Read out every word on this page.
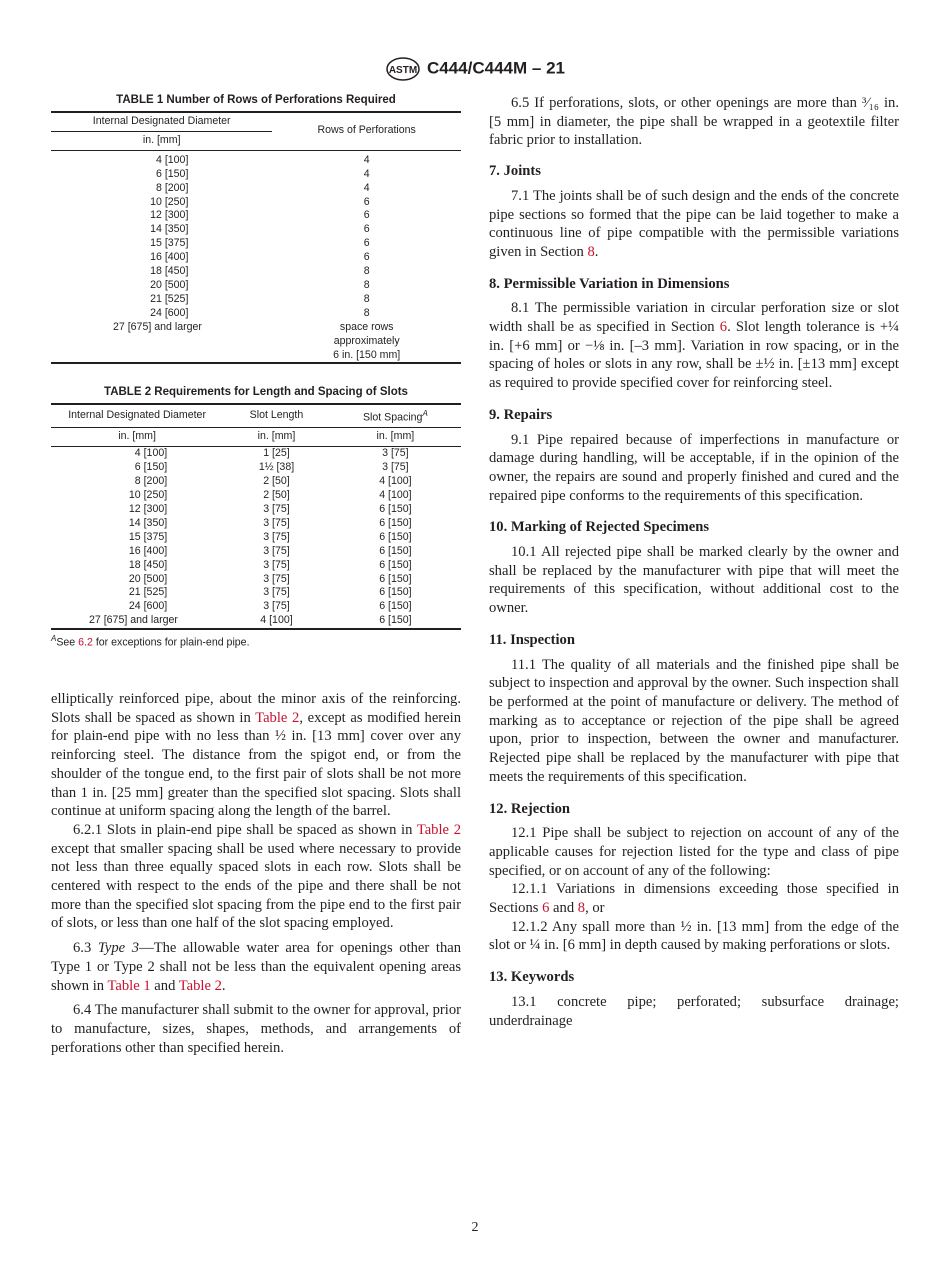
ASTM C444/C444M – 21
TABLE 1 Number of Rows of Perforations Required
Internal Designated Diameter	Rows of Perforations
in. [mm]	
4 [100]	4
6 [150]	4
8 [200]	4
10 [250]	6
12 [300]	6
14 [350]	6
15 [375]	6
16 [400]	6
18 [450]	8
20 [500]	8
21 [525]	8
24 [600]	8
27 [675] and larger	space rows approximately 6 in. [150 mm]
TABLE 2 Requirements for Length and Spacing of Slots
Internal Designated Diameter	Slot Length	Slot Spacing$^A$
in. [mm]	in. [mm]	in. [mm]
4 [100]	1 [25]	3 [75]
6 [150]	1½ [38]	3 [75]
8 [200]	2 [50]	4 [100]
10 [250]	2 [50]	4 [100]
12 [300]	3 [75]	6 [150]
14 [350]	3 [75]	6 [150]
15 [375]	3 [75]	6 [150]
16 [400]	3 [75]	6 [150]
18 [450]	3 [75]	6 [150]
20 [500]	3 [75]	6 [150]
21 [525]	3 [75]	6 [150]
24 [600]	3 [75]	6 [150]
27 [675] and larger	4 [100]	6 [150]
$^A$See 6.2 for exceptions for plain-end pipe.

elliptically reinforced pipe, about the minor axis of the reinforcing. Slots shall be spaced as shown in Table 2, except as modified herein for plain-end pipe with no less than ½ in. [13 mm] cover over any reinforcing steel. The distance from the spigot end, or from the shoulder of the tongue end, to the first pair of slots shall be not more than 1 in. [25 mm] greater than the specified slot spacing. Slots shall continue at uniform spacing along the length of the barrel.

6.2.1 Slots in plain-end pipe shall be spaced as shown in Table 2 except that smaller spacing shall be used where necessary to provide not less than three equally spaced slots in each row. Slots shall be centered with respect to the ends of the pipe and there shall be not more than the specified slot spacing from the pipe end to the first pair of slots, or less than one half of the slot spacing employed.

6.3 Type 3—The allowable water area for openings other than Type 1 or Type 2 shall not be less than the equivalent opening areas shown in Table 1 and Table 2.

6.4 The manufacturer shall submit to the owner for approval, prior to manufacture, sizes, shapes, methods, and arrangements of perforations other than specified herein.

6.5 If perforations, slots, or other openings are more than ³⁄₁₆ in. [5 mm] in diameter, the pipe shall be wrapped in a geotextile filter fabric prior to installation.

7. Joints

7.1 The joints shall be of such design and the ends of the concrete pipe sections so formed that the pipe can be laid together to make a continuous line of pipe compatible with the permissible variations given in Section 8.

8. Permissible Variation in Dimensions

8.1 The permissible variation in circular perforation size or slot width shall be as specified in Section 6. Slot length tolerance is +¼ in. [+6 mm] or −⅛ in. [–3 mm]. Variation in row spacing, or in the spacing of holes or slots in any row, shall be ±½ in. [±13 mm] except as required to provide specified cover for reinforcing steel.

9. Repairs

9.1 Pipe repaired because of imperfections in manufacture or damage during handling, will be acceptable, if in the opinion of the owner, the repairs are sound and properly finished and cured and the repaired pipe conforms to the requirements of this specification.

10. Marking of Rejected Specimens

10.1 All rejected pipe shall be marked clearly by the owner and shall be replaced by the manufacturer with pipe that will meet the requirements of this specification, without additional cost to the owner.

11. Inspection

11.1 The quality of all materials and the finished pipe shall be subject to inspection and approval by the owner. Such inspection shall be performed at the point of manufacture or delivery. The method of marking as to acceptance or rejection of the pipe shall be agreed upon, prior to inspection, between the owner and manufacturer. Rejected pipe shall be replaced by the manufacturer with pipe that meets the requirements of this specification.

12. Rejection

12.1 Pipe shall be subject to rejection on account of any of the applicable causes for rejection listed for the type and class of pipe specified, or on account of any of the following:

12.1.1 Variations in dimensions exceeding those specified in Sections 6 and 8, or

12.1.2 Any spall more than ½ in. [13 mm] from the edge of the slot or ¼ in. [6 mm] in depth caused by making perforations or slots.

13. Keywords

13.1 concrete pipe; perforated; subsurface drainage; underdrainage

2
